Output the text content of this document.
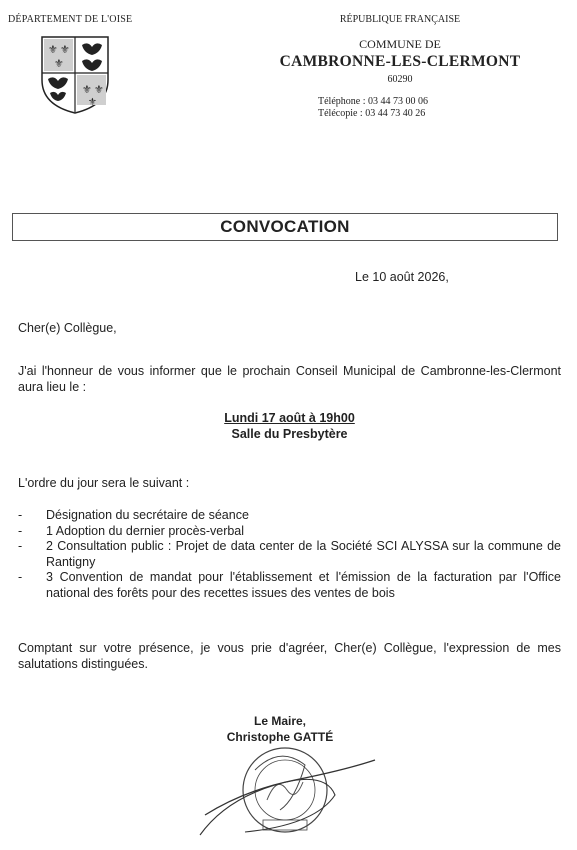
DÉPARTEMENT DE L'OISE
⚜ ⚜
⚜
⚜ ⚜
⚜
RÉPUBLIQUE FRANÇAISE
COMMUNE DE
CAMBRONNE-LES-CLERMONT
60290
Téléphone : 03 44 73 00 06
Télécopie : 03 44 73 40 26
CONVOCATION
Le 10 août 2026,
Cher(e) Collègue,
J'ai l'honneur de vous informer que le prochain Conseil Municipal de Cambronne-les-Clermont aura lieu le :
Lundi 17 août à 19h00
Salle du Presbytère
L'ordre du jour sera le suivant :
- Désignation du secrétaire de séance
- 1 Adoption du dernier procès-verbal
- 2 Consultation public : Projet de data center de la Société SCI ALYSSA sur la commune de Rantigny
- 3 Convention de mandat pour l'établissement et l'émission de la facturation par l'Office national des forêts pour des recettes issues des ventes de bois
Comptant sur votre présence, je vous prie d'agréer, Cher(e) Collègue, l'expression de mes salutations distinguées.
Le Maire,
Christophe GATTÉ
